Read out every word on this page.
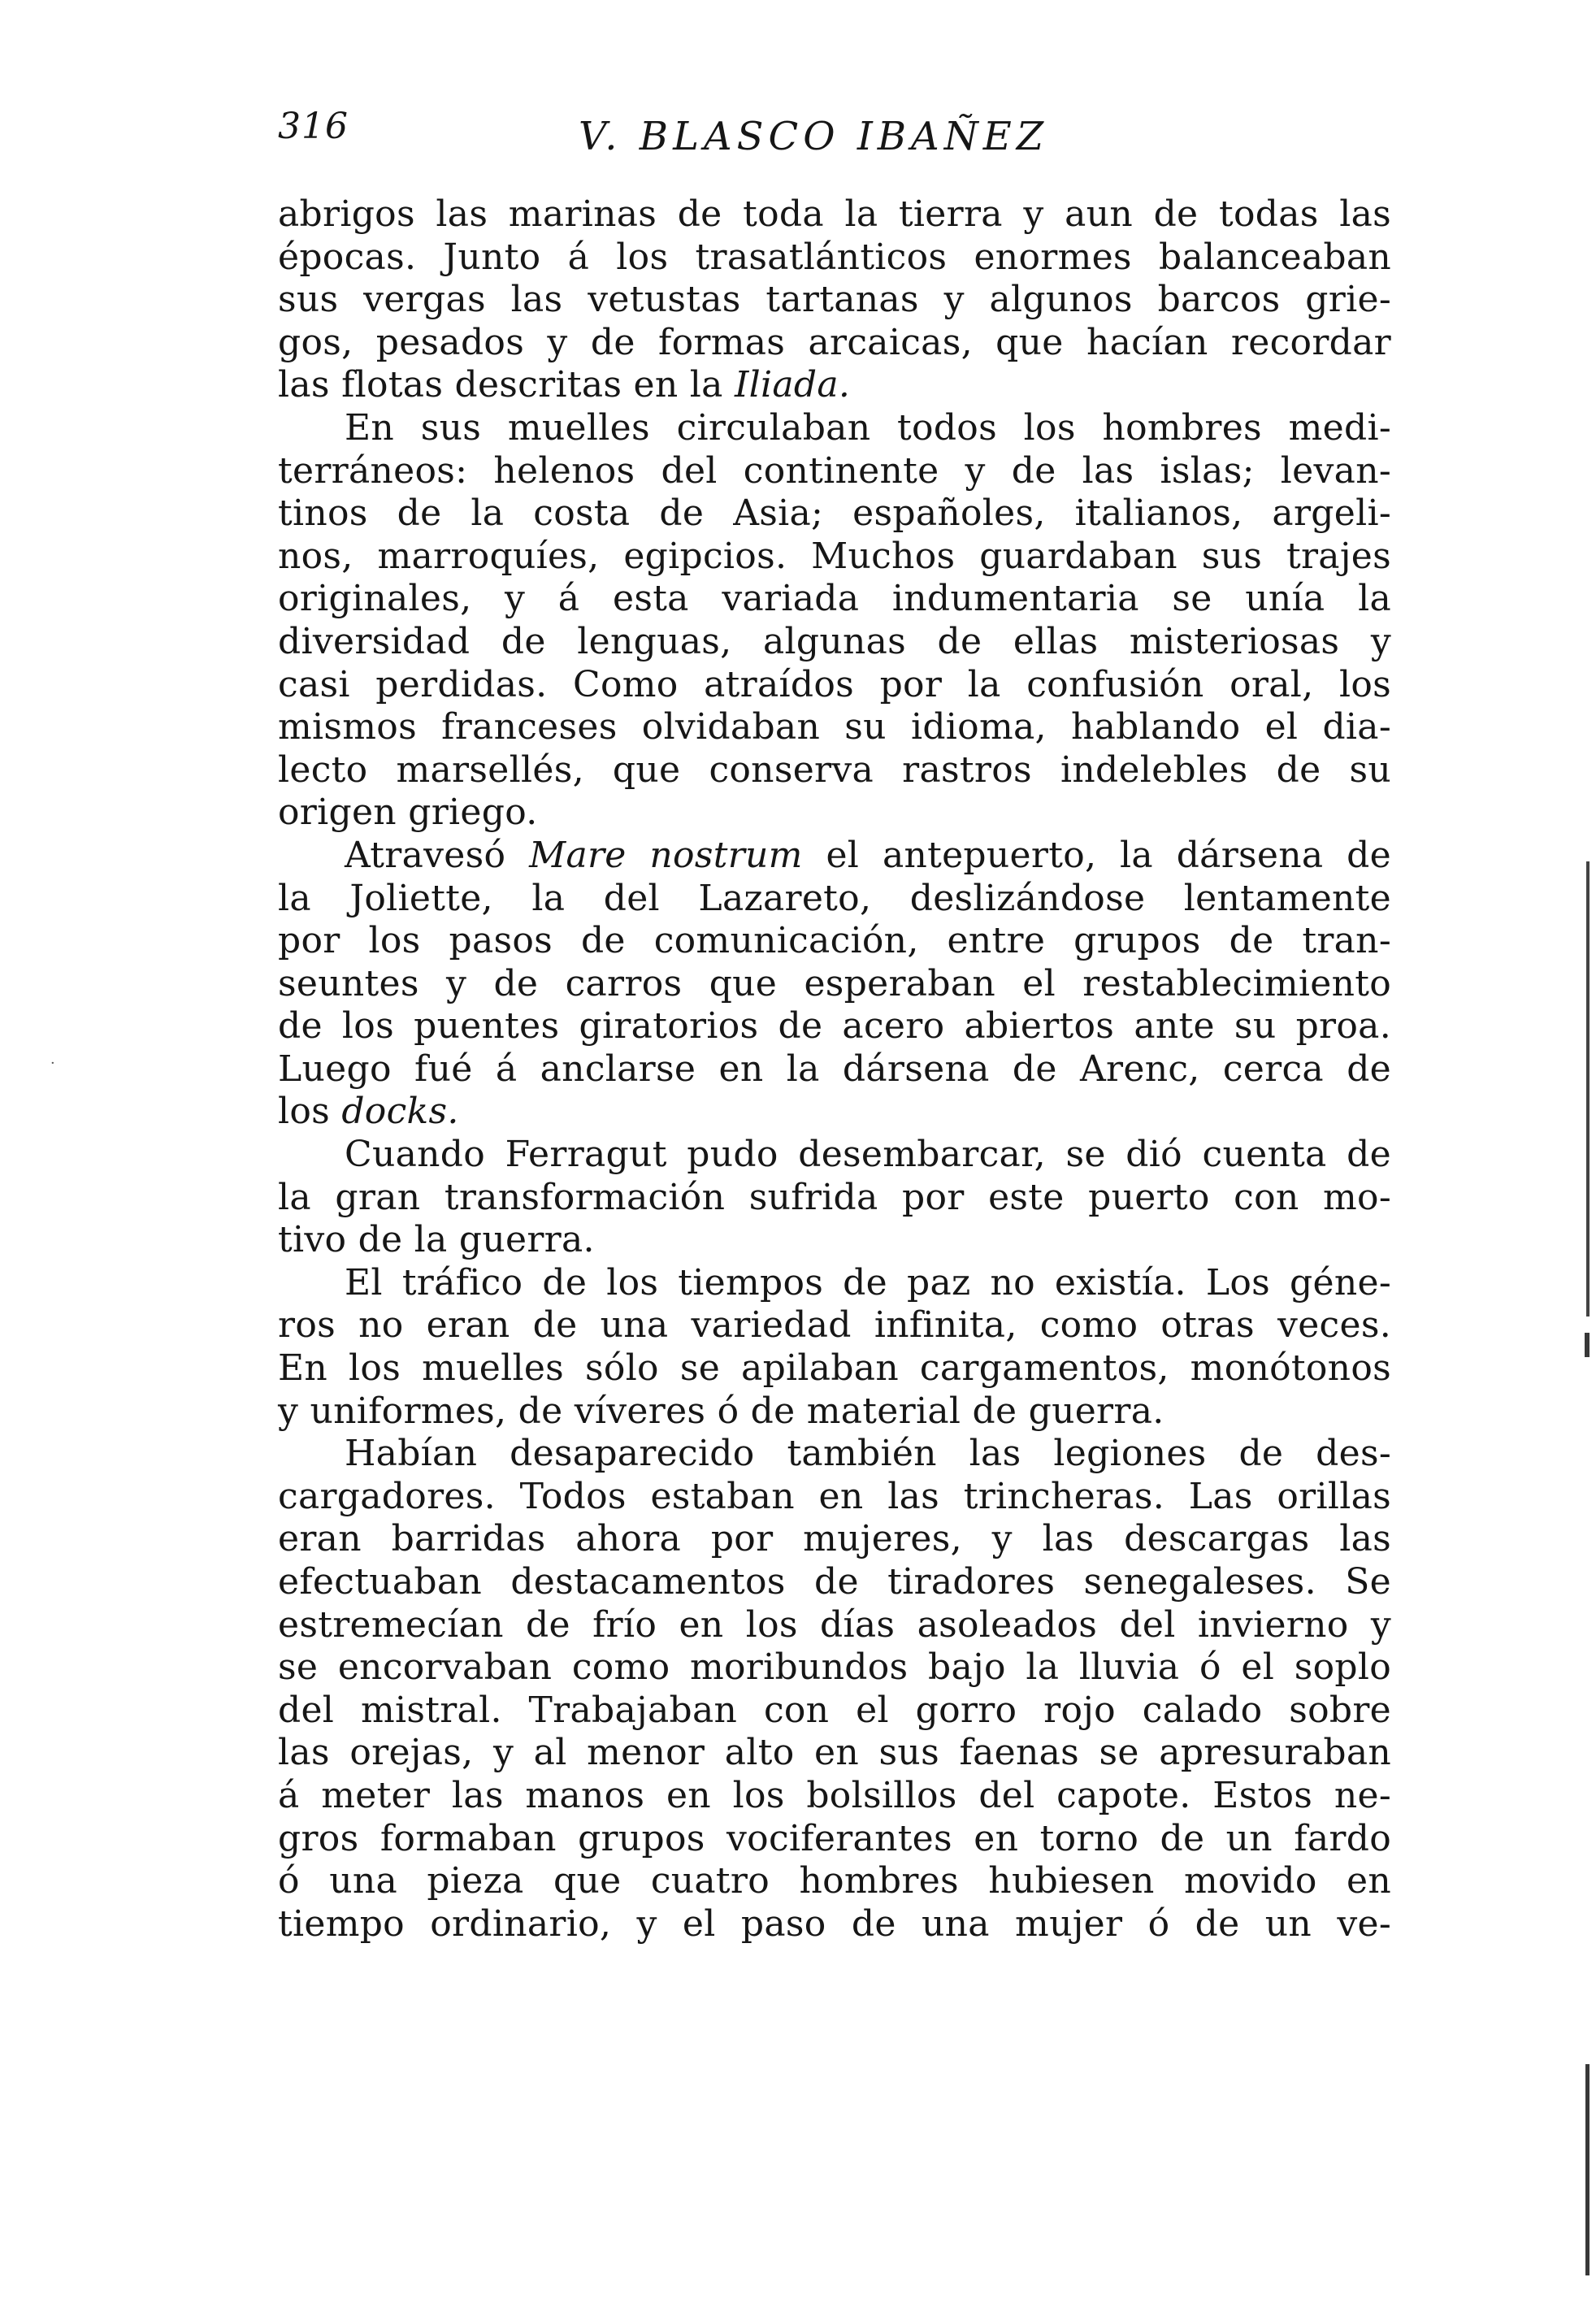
316	V. BLASCO IBAÑEZ
abrigos las marinas de toda la tierra y aun de todas las
épocas. Junto á los trasatlánticos enormes balanceaban
sus vergas las vetustas tartanas y algunos barcos grie-
gos, pesados y de formas arcaicas, que hacían recordar
las flotas descritas en la Iliada.
En sus muelles circulaban todos los hombres medi-
terráneos: helenos del continente y de las islas; levan-
tinos de la costa de Asia; españoles, italianos, argeli-
nos, marroquíes, egipcios. Muchos guardaban sus trajes
originales, y á esta variada indumentaria se unía la
diversidad de lenguas, algunas de ellas misteriosas y
casi perdidas. Como atraídos por la confusión oral, los
mismos franceses olvidaban su idioma, hablando el dia-
lecto marsellés, que conserva rastros indelebles de su
origen griego.
Atravesó Mare nostrum el antepuerto, la dársena de
la Joliette, la del Lazareto, deslizándose lentamente
por los pasos de comunicación, entre grupos de tran-
seuntes y de carros que esperaban el restablecimiento
de los puentes giratorios de acero abiertos ante su proa.
Luego fué á anclarse en la dársena de Arenc, cerca de
los docks.
Cuando Ferragut pudo desembarcar, se dió cuenta de
la gran transformación sufrida por este puerto con mo-
tivo de la guerra.
El tráfico de los tiempos de paz no existía. Los géne-
ros no eran de una variedad infinita, como otras veces.
En los muelles sólo se apilaban cargamentos, monótonos
y uniformes, de víveres ó de material de guerra.
Habían desaparecido también las legiones de des-
cargadores. Todos estaban en las trincheras. Las orillas
eran barridas ahora por mujeres, y las descargas las
efectuaban destacamentos de tiradores senegaleses. Se
estremecían de frío en los días asoleados del invierno y
se encorvaban como moribundos bajo la lluvia ó el soplo
del mistral. Trabajaban con el gorro rojo calado sobre
las orejas, y al menor alto en sus faenas se apresuraban
á meter las manos en los bolsillos del capote. Estos ne-
gros formaban grupos vociferantes en torno de un fardo
ó una pieza que cuatro hombres hubiesen movido en
tiempo ordinario, y el paso de una mujer ó de un ve-
·
